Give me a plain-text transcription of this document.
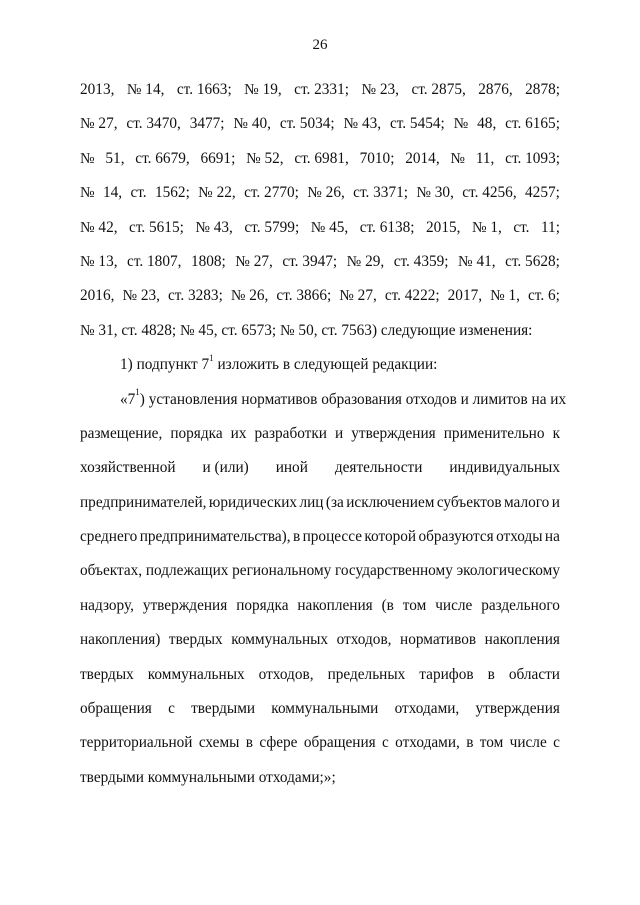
26
2013, № 14, ст. 1663; № 19, ст. 2331; № 23, ст. 2875, 2876, 2878;
№ 27, ст. 3470, 3477; № 40, ст. 5034; № 43, ст. 5454; № 48, ст. 6165;
№ 51, ст. 6679, 6691; № 52, ст. 6981, 7010; 2014, № 11, ст. 1093;
№ 14, ст. 1562; № 22, ст. 2770; № 26, ст. 3371; № 30, ст. 4256, 4257;
№ 42, ст. 5615; № 43, ст. 5799; № 45, ст. 6138; 2015, № 1, ст. 11;
№ 13, ст. 1807, 1808; № 27, ст. 3947; № 29, ст. 4359; № 41, ст. 5628;
2016, № 23, ст. 3283; № 26, ст. 3866; № 27, ст. 4222; 2017, № 1, ст. 6;
№ 31, ст. 4828; № 45, ст. 6573; № 50, ст. 7563) следующие изменения:
1) подпункт $7^1$ изложить в следующей редакции:
«$7^1$) установления нормативов образования отходов и лимитов на их
размещение, порядка их разработки и утверждения применительно к
хозяйственной и (или) иной деятельности индивидуальных
предпринимателей, юридических лиц (за исключением субъектов малого и
среднего предпринимательства), в процессе которой образуются отходы на
объектах, подлежащих региональному государственному экологическому
надзору, утверждения порядка накопления (в том числе раздельного
накопления) твердых коммунальных отходов, нормативов накопления
твердых коммунальных отходов, предельных тарифов в области
обращения с твердыми коммунальными отходами, утверждения
территориальной схемы в сфере обращения с отходами, в том числе с
твердыми коммунальными отходами;»;
